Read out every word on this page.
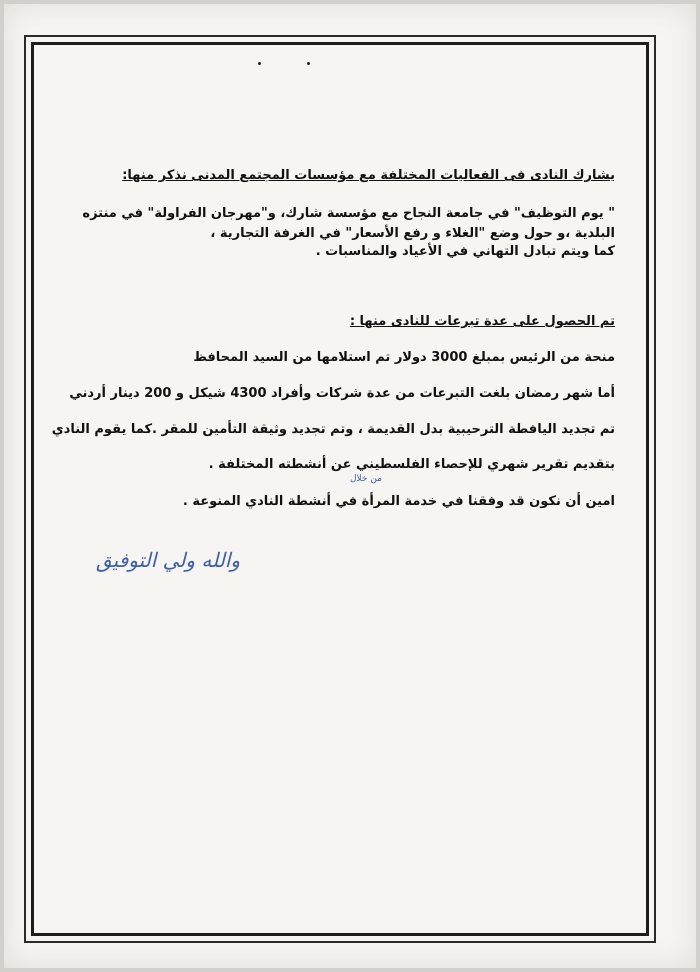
يشارك النادى فى الفعاليات المختلفة مع مؤسسات المجتمع المدنى نذكر منها:
" يوم التوظيف" في جامعة النجاح مع مؤسسة شارك، و"مهرجان الفراولة" في منتزه
البلدية ،و حول وضع "الغلاء و رفع الأسعار" في الغرفة التجارية ،
كما ويتم تبادل التهاني في الأعياد والمناسبات .
تم الحصول على عدة تبرعات للنادى منها :
منحة من الرئيس بمبلغ 3000 دولار تم استلامها من السيد المحافظ
أما شهر رمضان بلغت التبرعات من عدة شركات وأفراد 4300 شيكل و 200 دينار أردني
تم تجديد اليافطة الترحيبية بدل القديمة ، وتم تجديد وثيقة التأمين للمقر .كما يقوم النادي
بتقديم تقرير شهري للإحصاء الفلسطيني عن أنشطته المختلفة .
امين أن نكون قد وفقنا في خدمة المرأة في أنشطة النادي المنوعة .
من خلال
والله ولي التوفيق
